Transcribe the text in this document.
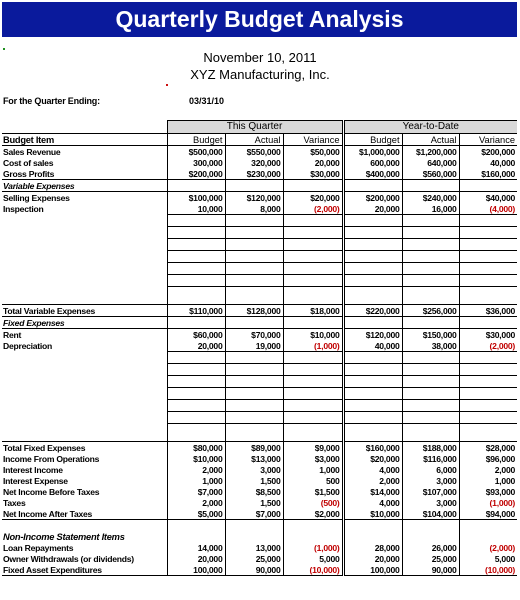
Quarterly Budget Analysis
November 10, 2011
XYZ Manufacturing, Inc.
For the Quarter Ending:	03/31/10
	This Quarter			Year-to-Date		
Budget Item	Budget	Actual	Variance	Budget	Actual	Variance
Sales Revenue	$500,000	$550,000	$50,000	$1,000,000	$1,200,000	$200,000
Cost of sales	300,000	320,000	20,000	600,000	640,000	40,000
Gross Profits	$200,000	$230,000	$30,000	$400,000	$560,000	$160,000
Variable Expenses						
Selling Expenses	$100,000	$120,000	$20,000	$200,000	$240,000	$40,000
Inspection	10,000	8,000	(2,000)	20,000	16,000	(4,000)

Total Variable Expenses	$110,000	$128,000	$18,000	$220,000	$256,000	$36,000
Fixed Expenses						
Rent	$60,000	$70,000	$10,000	$120,000	$150,000	$30,000
Depreciation	20,000	19,000	(1,000)	40,000	38,000	(2,000)

Total Fixed Expenses	$80,000	$89,000	$9,000	$160,000	$188,000	$28,000
Income From Operations	$10,000	$13,000	$3,000	$20,000	$116,000	$96,000
Interest Income	2,000	3,000	1,000	4,000	6,000	2,000
Interest Expense	1,000	1,500	500	2,000	3,000	1,000
Net Income Before Taxes	$7,000	$8,500	$1,500	$14,000	$107,000	$93,000
Taxes	2,000	1,500	(500)	4,000	3,000	(1,000)
Net Income After Taxes	$5,000	$7,000	$2,000	$10,000	$104,000	$94,000

Non-Income Statement Items						
Loan Repayments	14,000	13,000	(1,000)	28,000	26,000	(2,000)
Owner Withdrawals (or dividends)	20,000	25,000	5,000	20,000	25,000	5,000
Fixed Asset Expenditures	100,000	90,000	(10,000)	100,000	90,000	(10,000)
